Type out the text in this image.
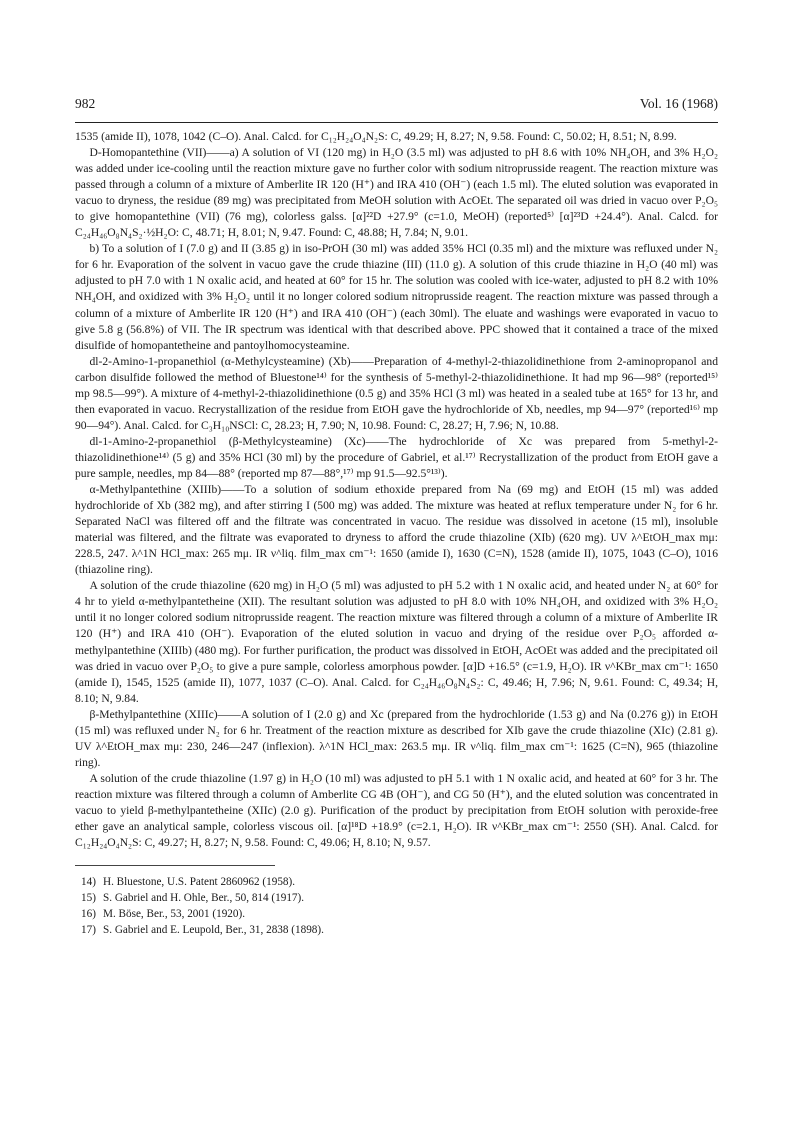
982	Vol. 16 (1968)

1535 (amide II), 1078, 1042 (C–O). Anal. Calcd. for C₁₂H₂₄O₄N₂S: C, 49.29; H, 8.27; N, 9.58. Found: C, 50.02; H, 8.51; N, 8.99.

D-Homopantethine (VII)——a) A solution of VI (120 mg) in H₂O (3.5 ml) was adjusted to pH 8.6 with 10% NH₄OH, and 3% H₂O₂ was added under ice-cooling until the reaction mixture gave no further color with sodium nitroprusside reagent. The reaction mixture was passed through a column of a mixture of Amberlite IR 120 (H⁺) and IRA 410 (OH⁻) (each 1.5 ml). The eluted solution was evaporated in vacuo to dryness, the residue (89 mg) was precipitated from MeOH solution with AcOEt. The separated oil was dried in vacuo over P₂O₅ to give homopantethine (VII) (76 mg), colorless galss. [α]²²D +27.9° (c=1.0, MeOH) (reported⁵⁾ [α]²³D +24.4°). Anal. Calcd. for C₂₄H₄₆O₈N₄S₂·½H₂O: C, 48.71; H, 8.01; N, 9.47. Found: C, 48.88; H, 7.84; N, 9.01.

b) To a solution of I (7.0 g) and II (3.85 g) in iso-PrOH (30 ml) was added 35% HCl (0.35 ml) and the mixture was refluxed under N₂ for 6 hr. Evaporation of the solvent in vacuo gave the crude thiazine (III) (11.0 g). A solution of this crude thiazine in H₂O (40 ml) was adjusted to pH 7.0 with 1 N oxalic acid, and heated at 60° for 15 hr. The solution was cooled with ice-water, adjusted to pH 8.2 with 10% NH₄OH, and oxidized with 3% H₂O₂ until it no longer colored sodium nitroprusside reagent. The reaction mixture was passed through a column of a mixture of Amberlite IR 120 (H⁺) and IRA 410 (OH⁻) (each 30ml). The eluate and washings were evaporated in vacuo to give 5.8 g (56.8%) of VII. The IR spectrum was identical with that described above. PPC showed that it contained a trace of the mixed disulfide of homopantetheine and pantoylhomocysteamine.

dl-2-Amino-1-propanethiol (α-Methylcysteamine) (Xb)——Preparation of 4-methyl-2-thiazolidinethione from 2-aminopropanol and carbon disulfide followed the method of Bluestone¹⁴⁾ for the synthesis of 5-methyl-2-thiazolidinethione. It had mp 96—98° (reported¹⁵⁾ mp 98.5—99°). A mixture of 4-methyl-2-thiazolidinethione (0.5 g) and 35% HCl (3 ml) was heated in a sealed tube at 165° for 13 hr, and then evaporated in vacuo. Recrystallization of the residue from EtOH gave the hydrochloride of Xb, needles, mp 94—97° (reported¹⁶⁾ mp 90—94°). Anal. Calcd. for C₃H₁₀NSCl: C, 28.23; H, 7.90; N, 10.98. Found: C, 28.27; H, 7.96; N, 10.88.

dl-1-Amino-2-propanethiol (β-Methylcysteamine) (Xc)——The hydrochloride of Xc was prepared from 5-methyl-2-thiazolidinethione¹⁴⁾ (5 g) and 35% HCl (30 ml) by the procedure of Gabriel, et al.¹⁷⁾ Recrystallization of the product from EtOH gave a pure sample, needles, mp 84—88° (reported mp 87—88°,¹⁷⁾ mp 91.5—92.5°¹³⁾).

α-Methylpantethine (XIIIb)——To a solution of sodium ethoxide prepared from Na (69 mg) and EtOH (15 ml) was added hydrochloride of Xb (382 mg), and after stirring I (500 mg) was added. The mixture was heated at reflux temperature under N₂ for 6 hr. Separated NaCl was filtered off and the filtrate was concentrated in vacuo. The residue was dissolved in acetone (15 ml), insoluble material was filtered, and the filtrate was evaporated to dryness to afford the crude thiazoline (XIb) (620 mg). UV λ^EtOH_max mμ: 228.5, 247. λ^1N HCl_max: 265 mμ. IR ν^liq. film_max cm⁻¹: 1650 (amide I), 1630 (C=N), 1528 (amide II), 1075, 1043 (C–O), 1016 (thiazoline ring).

A solution of the crude thiazoline (620 mg) in H₂O (5 ml) was adjusted to pH 5.2 with 1 N oxalic acid, and heated under N₂ at 60° for 4 hr to yield α-methylpantetheine (XII). The resultant solution was adjusted to pH 8.0 with 10% NH₄OH, and oxidized with 3% H₂O₂ until it no longer colored sodium nitroprusside reagent. The reaction mixture was filtered through a column of a mixture of Amberlite IR 120 (H⁺) and IRA 410 (OH⁻). Evaporation of the eluted solution in vacuo and drying of the residue over P₂O₅ afforded α-methylpantethine (XIIIb) (480 mg). For further purification, the product was dissolved in EtOH, AcOEt was added and the precipitated oil was dried in vacuo over P₂O₅ to give a pure sample, colorless amorphous powder. [α]D +16.5° (c=1.9, H₂O). IR ν^KBr_max cm⁻¹: 1650 (amide I), 1545, 1525 (amide II), 1077, 1037 (C–O). Anal. Calcd. for C₂₄H₄₆O₈N₄S₂: C, 49.46; H, 7.96; N, 9.61. Found: C, 49.34; H, 8.10; N, 9.84.

β-Methylpantethine (XIIIc)——A solution of I (2.0 g) and Xc (prepared from the hydrochloride (1.53 g) and Na (0.276 g)) in EtOH (15 ml) was refluxed under N₂ for 6 hr. Treatment of the reaction mixture as described for XIb gave the crude thiazoline (XIc) (2.81 g). UV λ^EtOH_max mμ: 230, 246—247 (inflexion). λ^1N HCl_max: 263.5 mμ. IR ν^liq. film_max cm⁻¹: 1625 (C=N), 965 (thiazoline ring).

A solution of the crude thiazoline (1.97 g) in H₂O (10 ml) was adjusted to pH 5.1 with 1 N oxalic acid, and heated at 60° for 3 hr. The reaction mixture was filtered through a column of Amberlite CG 4B (OH⁻), and CG 50 (H⁺), and the eluted solution was concentrated in vacuo to yield β-methylpantetheine (XIIc) (2.0 g). Purification of the product by precipitation from EtOH solution with peroxide-free ether gave an analytical sample, colorless viscous oil. [α]¹⁸D +18.9° (c=2.1, H₂O). IR ν^KBr_max cm⁻¹: 2550 (SH). Anal. Calcd. for C₁₂H₂₄O₄N₂S: C, 49.27; H, 8.27; N, 9.58. Found: C, 49.06; H, 8.10; N, 9.57.

14) H. Bluestone, U.S. Patent 2860962 (1958).
15) S. Gabriel and H. Ohle, Ber., 50, 814 (1917).
16) M. Böse, Ber., 53, 2001 (1920).
17) S. Gabriel and E. Leupold, Ber., 31, 2838 (1898).
